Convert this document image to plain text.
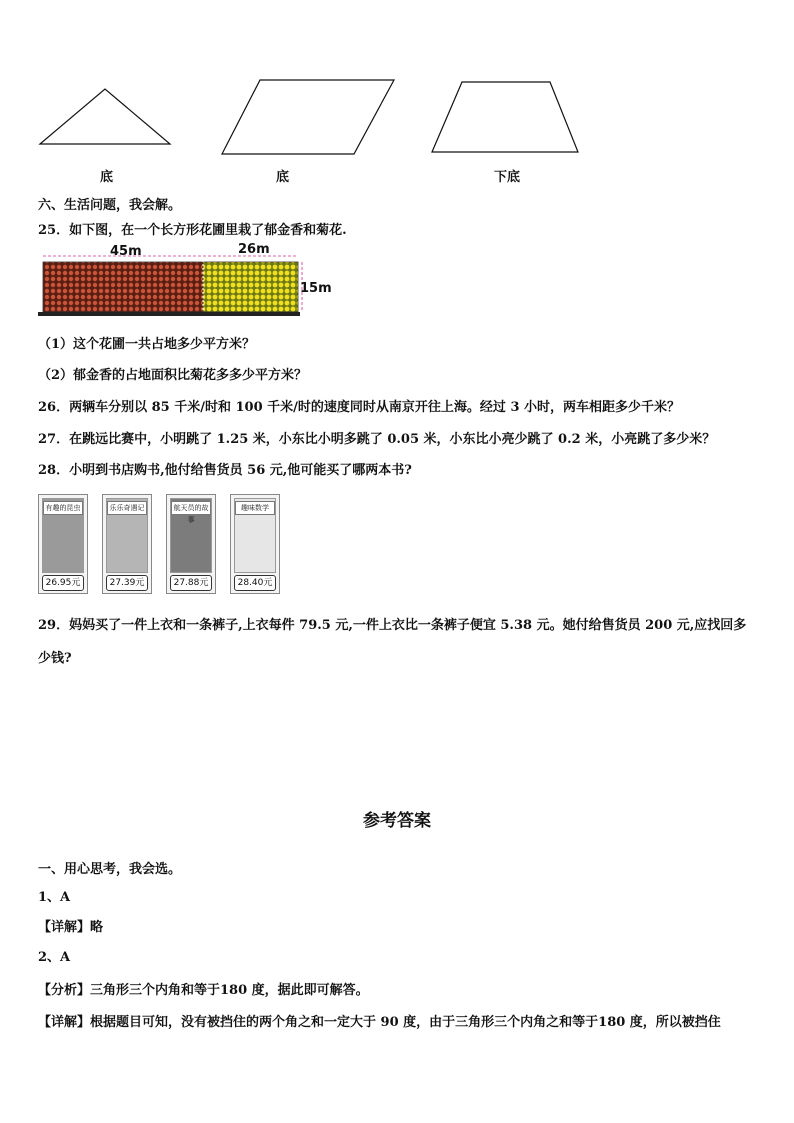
底	底	下底
六、生活问题，我会解。
25．如下图，在一个长方形花圃里栽了郁金香和菊花.
45m	26m
15m
（1）这个花圃一共占地多少平方米？
（2）郁金香的占地面积比菊花多多少平方米？
26．两辆车分别以 85 千米/时和 100 千米/时的速度同时从南京开往上海。经过 3 小时，两车相距多少千米？
27．在跳远比赛中，小明跳了 1.25 米，小东比小明多跳了 0.05 米，小东比小亮少跳了 0.2 米，小亮跳了多少米？
28．小明到书店购书,他付给售货员 56 元,他可能买了哪两本书?
有趣的昆虫
26.95元
乐乐奇遇记
27.39元
航天员的故事
27.88元
趣味数学
28.40元
29．妈妈买了一件上衣和一条裤子,上衣每件 79.5 元,一件上衣比一条裤子便宜 5.38 元。她付给售货员 200 元,应找回多
少钱?
参考答案
一、用心思考，我会选。
1、A
【详解】略
2、A
【分析】三角形三个内角和等于180 度，据此即可解答。
【详解】根据题目可知，没有被挡住的两个角之和一定大于 90 度，由于三角形三个内角之和等于180 度，所以被挡住
